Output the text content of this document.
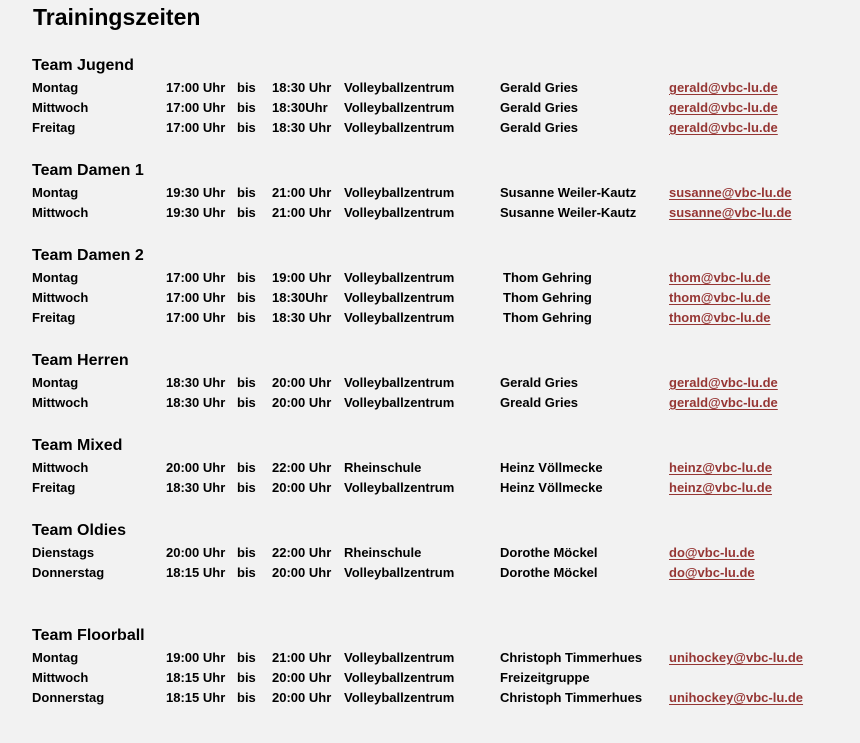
Trainingszeiten
Team Jugend
Montag	17:00 Uhr bis 18:30 Uhr Volleyballzentrum	Gerald Gries	gerald@vbc-lu.de
Mittwoch	17:00 Uhr bis 18:30Uhr Volleyballzentrum	Gerald Gries	gerald@vbc-lu.de
Freitag	17:00 Uhr bis 18:30 Uhr Volleyballzentrum	Gerald Gries	gerald@vbc-lu.de
Team Damen 1
Montag	19:30 Uhr bis 21:00 Uhr Volleyballzentrum	Susanne Weiler-Kautz	susanne@vbc-lu.de
Mittwoch	19:30 Uhr bis 21:00 Uhr Volleyballzentrum	Susanne Weiler-Kautz	susanne@vbc-lu.de
Team Damen 2
Montag	17:00 Uhr bis 19:00 Uhr Volleyballzentrum	Thom Gehring	thom@vbc-lu.de
Mittwoch	17:00 Uhr bis 18:30Uhr Volleyballzentrum	Thom Gehring	thom@vbc-lu.de
Freitag	17:00 Uhr bis 18:30 Uhr Volleyballzentrum	Thom Gehring	thom@vbc-lu.de
Team Herren
Montag	18:30 Uhr bis 20:00 Uhr Volleyballzentrum	Gerald Gries	gerald@vbc-lu.de
Mittwoch	18:30 Uhr bis 20:00 Uhr Volleyballzentrum	Greald Gries	gerald@vbc-lu.de
Team Mixed
Mittwoch	20:00 Uhr bis 22:00 Uhr Rheinschule	Heinz Völlmecke	heinz@vbc-lu.de
Freitag	18:30 Uhr bis 20:00 Uhr Volleyballzentrum	Heinz Völlmecke	heinz@vbc-lu.de
Team Oldies
Dienstags	20:00 Uhr bis 22:00 Uhr Rheinschule	Dorothe Möckel	do@vbc-lu.de
Donnerstag	18:15 Uhr bis 20:00 Uhr Volleyballzentrum	Dorothe Möckel	do@vbc-lu.de
Team Floorball
Montag	19:00 Uhr bis 21:00 Uhr Volleyballzentrum	Christoph Timmerhues unihockey@vbc-lu.de
Mittwoch	18:15 Uhr bis 20:00 Uhr Volleyballzentrum	Freizeitgruppe
Donnerstag	18:15 Uhr bis 20:00 Uhr Volleyballzentrum	Christoph Timmerhues unihockey@vbc-lu.de
